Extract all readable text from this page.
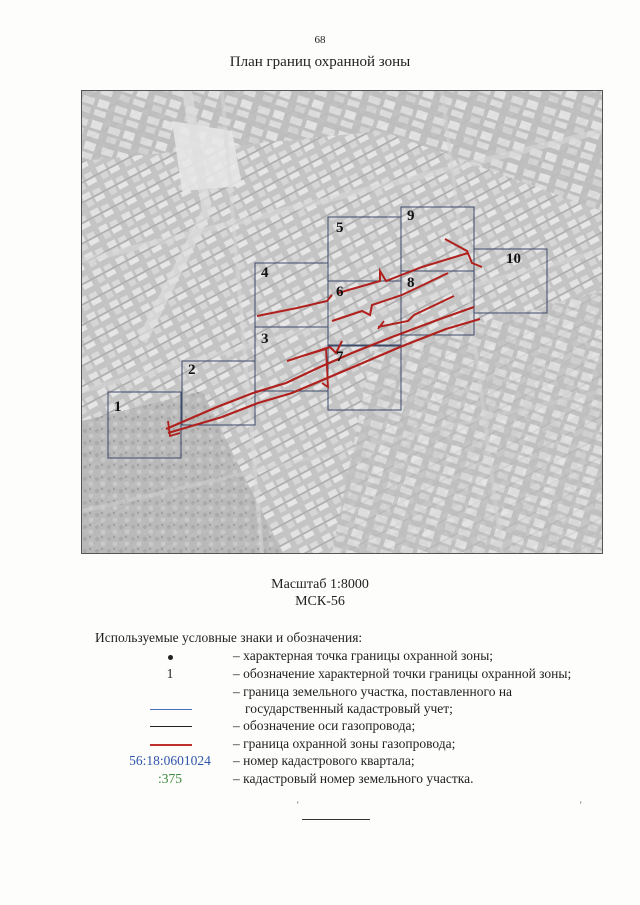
68
План границ охранной зоны
1
2
3
4
5
6
7
8
9
10
Масштаб 1:8000
МСК-56
Используемые условные знаки и обозначения:
– характерная точка границы охранной зоны;
1	– обозначение характерной точки границы охранной зоны;
– граница земельного участка, поставленного на
государственный кадастровый учет;
– обозначение оси газопровода;
– граница охранной зоны газопровода;
56:18:0601024	– номер кадастрового квартала;
:375	– кадастровый номер земельного участка.
'	'
